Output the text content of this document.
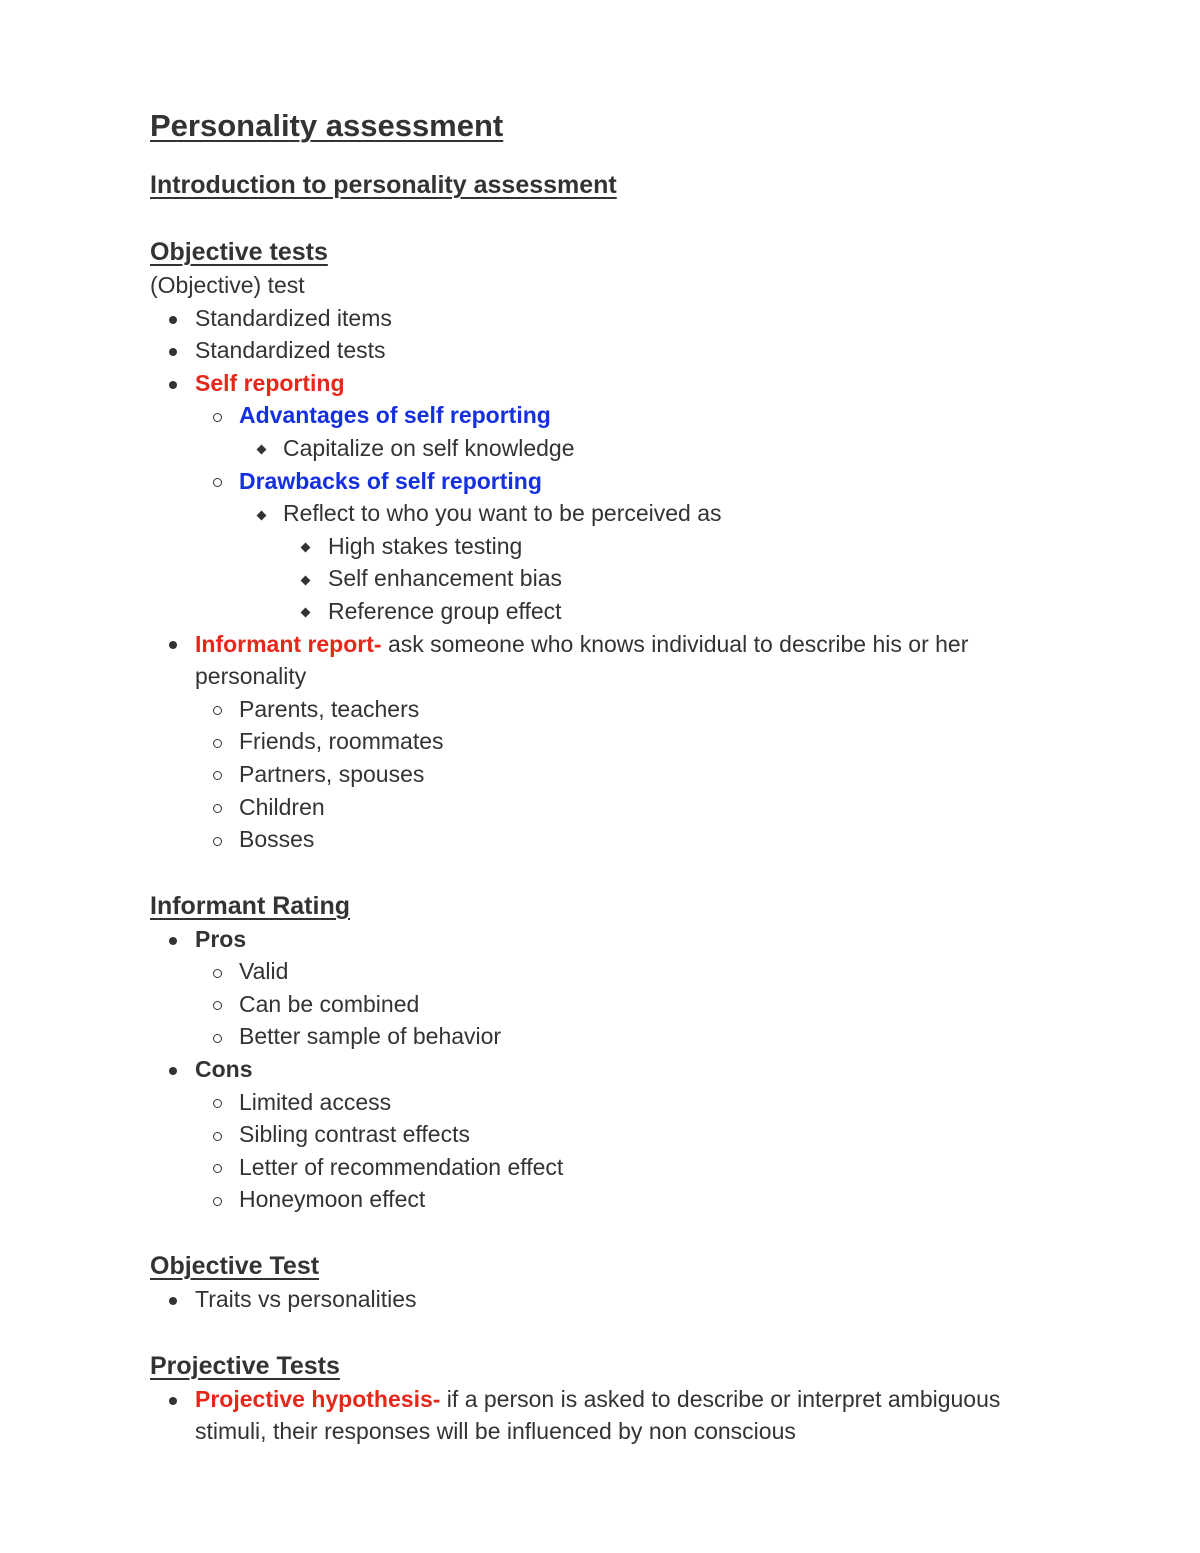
Personality assessment
Introduction to personality assessment
Objective tests
(Objective) test
Standardized items
Standardized tests
Self reporting
Advantages of self reporting
Capitalize on self knowledge
Drawbacks of self reporting
Reflect to who you want to be perceived as
High stakes testing
Self enhancement bias
Reference group effect
Informant report- ask someone who knows individual to describe his or her personality
Parents, teachers
Friends, roommates
Partners, spouses
Children
Bosses
Informant Rating
Pros
Valid
Can be combined
Better sample of behavior
Cons
Limited access
Sibling contrast effects
Letter of recommendation effect
Honeymoon effect
Objective Test
Traits vs personalities
Projective Tests
Projective hypothesis- if a person is asked to describe or interpret ambiguous stimuli, their responses will be influenced by non conscious
